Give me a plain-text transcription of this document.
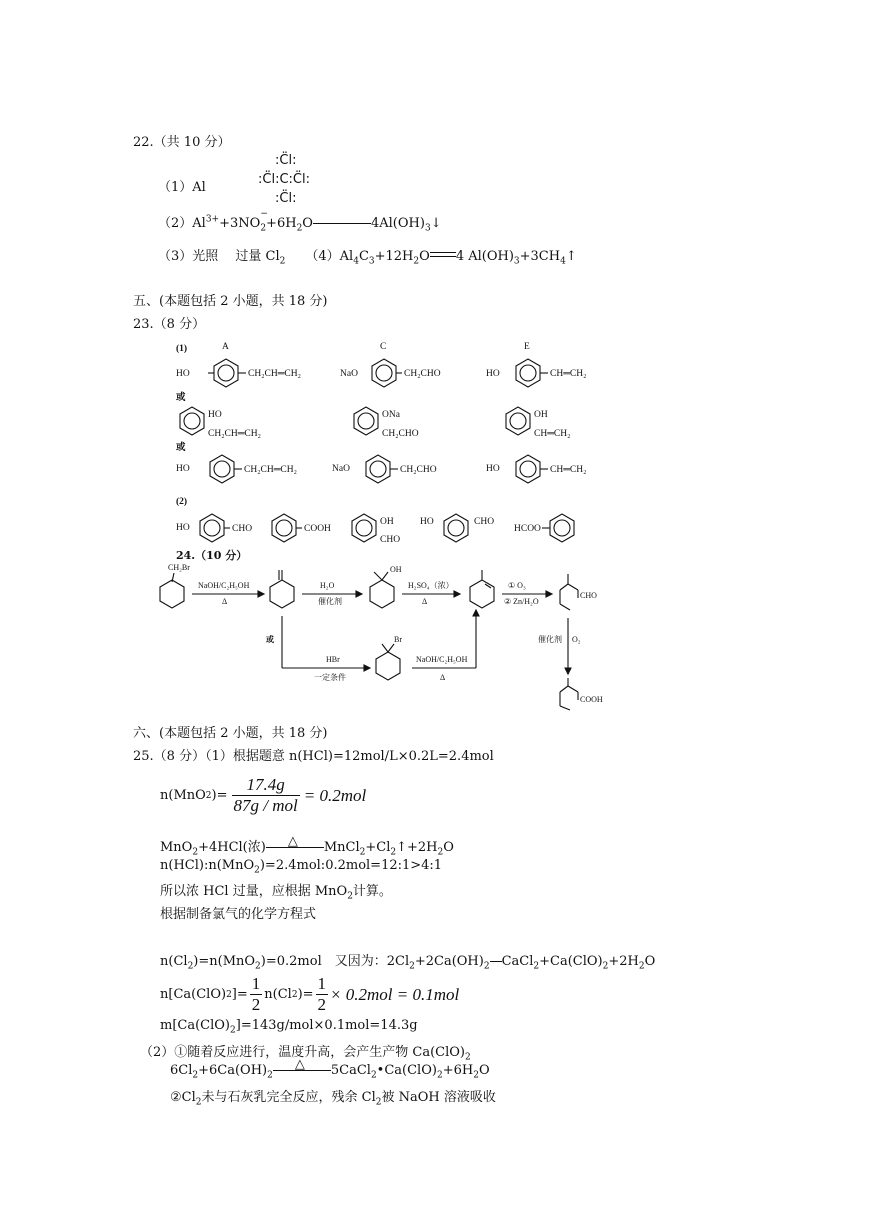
22.（共 10 分）
（1）Al
:C̈l:
:C̈l:C:C̈l:
:C̈l:
$(2)Al^{3+}+3NO$
−
$_2+6H_2O$	$4Al(OH)_3↓$
（3）光照　 过量 $Cl_2$ $(4)Al_4C_3+12H_2O$ 4 $Al(OH)_3+3CH_4↑$
五、(本题包括 2 小题，共 18 分)
23.（8 分）
(1)	A
HO	CH₂CH═CH₂
C
NaO	CH₂CHO
E
HO	CH═CH₂
或
HO
CH₂CH═CH₂
ONa
CH₂CHO
OH
CH═CH₂
或
HO	CH₂CH═CH₂	NaO	CH₂CHO	HO	CH═CH₂
(2)
HO	CHO	COOH
OH
CHO
HO	CHO
HCOO
24.（10 分）
CH₂Br
NaOH/C₂H₅OH
Δ
H₂O
催化剂
OH
H₂SO₄（浓）
Δ
① O₃
② Zn/H₂O
CHO
或
HBr
一定条件
Br
NaOH/C₂H₅OH
Δ
催化剂 O₂
COOH
六、(本题包括 2 小题，共 18 分)
25.（8 分）（1）根据题意 n(HCl)=12mol/L×0.2L=2.4mol
n(MnO 2 )= $\frac{17.4g}{\text{87g / mol}} = 0.2mol$
MnO$_2$+4HCl(浓) △ $MnCl_2+Cl_2↑+2H_2O$
n(HCl):n(MnO$_2$)=2.4mol:0.2mol=12:1>4:1
所以浓 HCl 过量，应根据 MnO$_2$计算。
根据制备氯气的化学方程式
$n(Cl_2)=n(MnO_2)=0.2mol$　又因为：$2Cl_2+2Ca(OH)_2$ $CaCl_2+Ca(ClO)_2+2H_2O$
n[Ca(ClO) 2 ]= $\frac{1}{2} n(Cl$ 2 )= $\frac{1}{2} \times 0.2mol = 0.1mol$
$m[Ca(ClO)_2]=143g/mol\times 0.1mol=14.3g$
（2）①随着反应进行，温度升高，会产生产物 $Ca(ClO)_2$
$6Cl_2+6Ca(OH)_2$
△ $5CaCl_2•Ca(ClO)_2+6H_2O$
$②Cl_2$未与石灰乳完全反应，残余 $Cl_2$被 NaOH 溶液吸收
